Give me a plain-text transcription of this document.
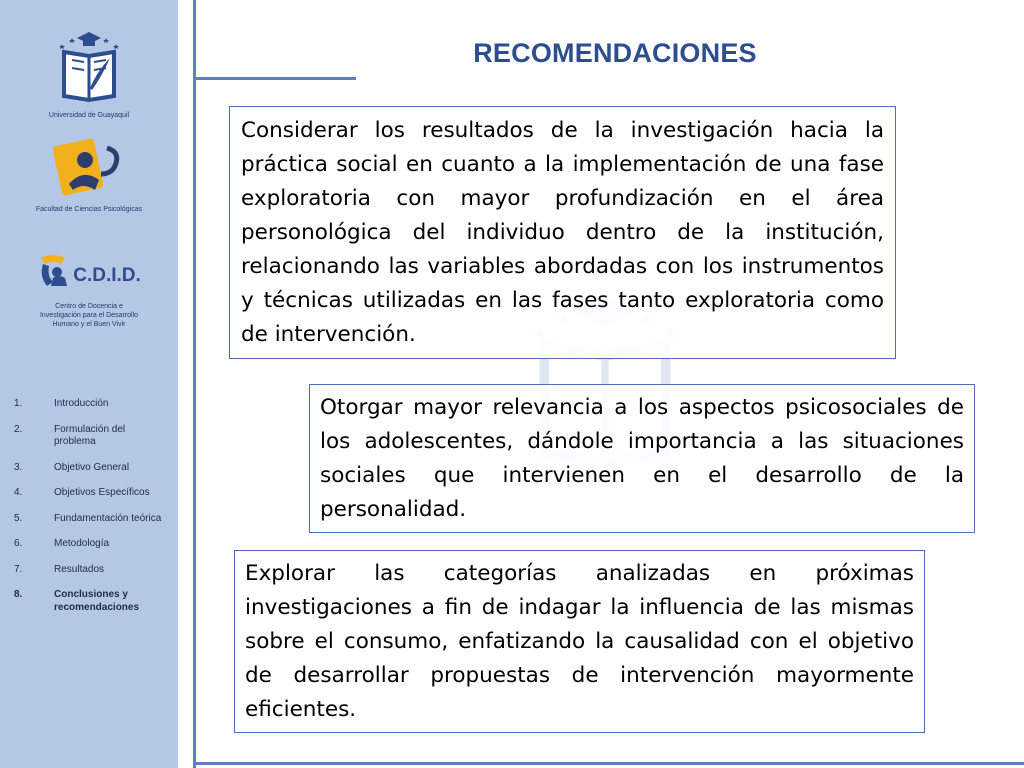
Universidad de Guayaquil
Facultad de Ciencias Psicológicas
C.D.I.D.
Centro de Docencia e Investigación para el Desarrollo Humano y el Buen Vivir
1.	Introducción
2.	Formulación del problema
3.	Objetivo General
4.	Objetivos Específicos
5.	Fundamentación teórica
6.	Metodología
7.	Resultados
8.	Conclusiones y recomendaciones
RECOMENDACIONES

Considerar los resultados de la investigación hacia la práctica social en cuanto a la implementación de una fase exploratoria con mayor profundización en el área personológica del individuo dentro de la institución, relacionando las variables abordadas con los instrumentos y técnicas utilizadas en las fases tanto exploratoria como de intervención.

Otorgar mayor relevancia a los aspectos psicosociales de los adolescentes, dándole importancia a las situaciones sociales que intervienen en el desarrollo de la personalidad.

Explorar las categorías analizadas en próximas investigaciones a fin de indagar la influencia de las mismas sobre el consumo, enfatizando la causalidad con el objetivo de desarrollar propuestas de intervención mayormente eficientes.
